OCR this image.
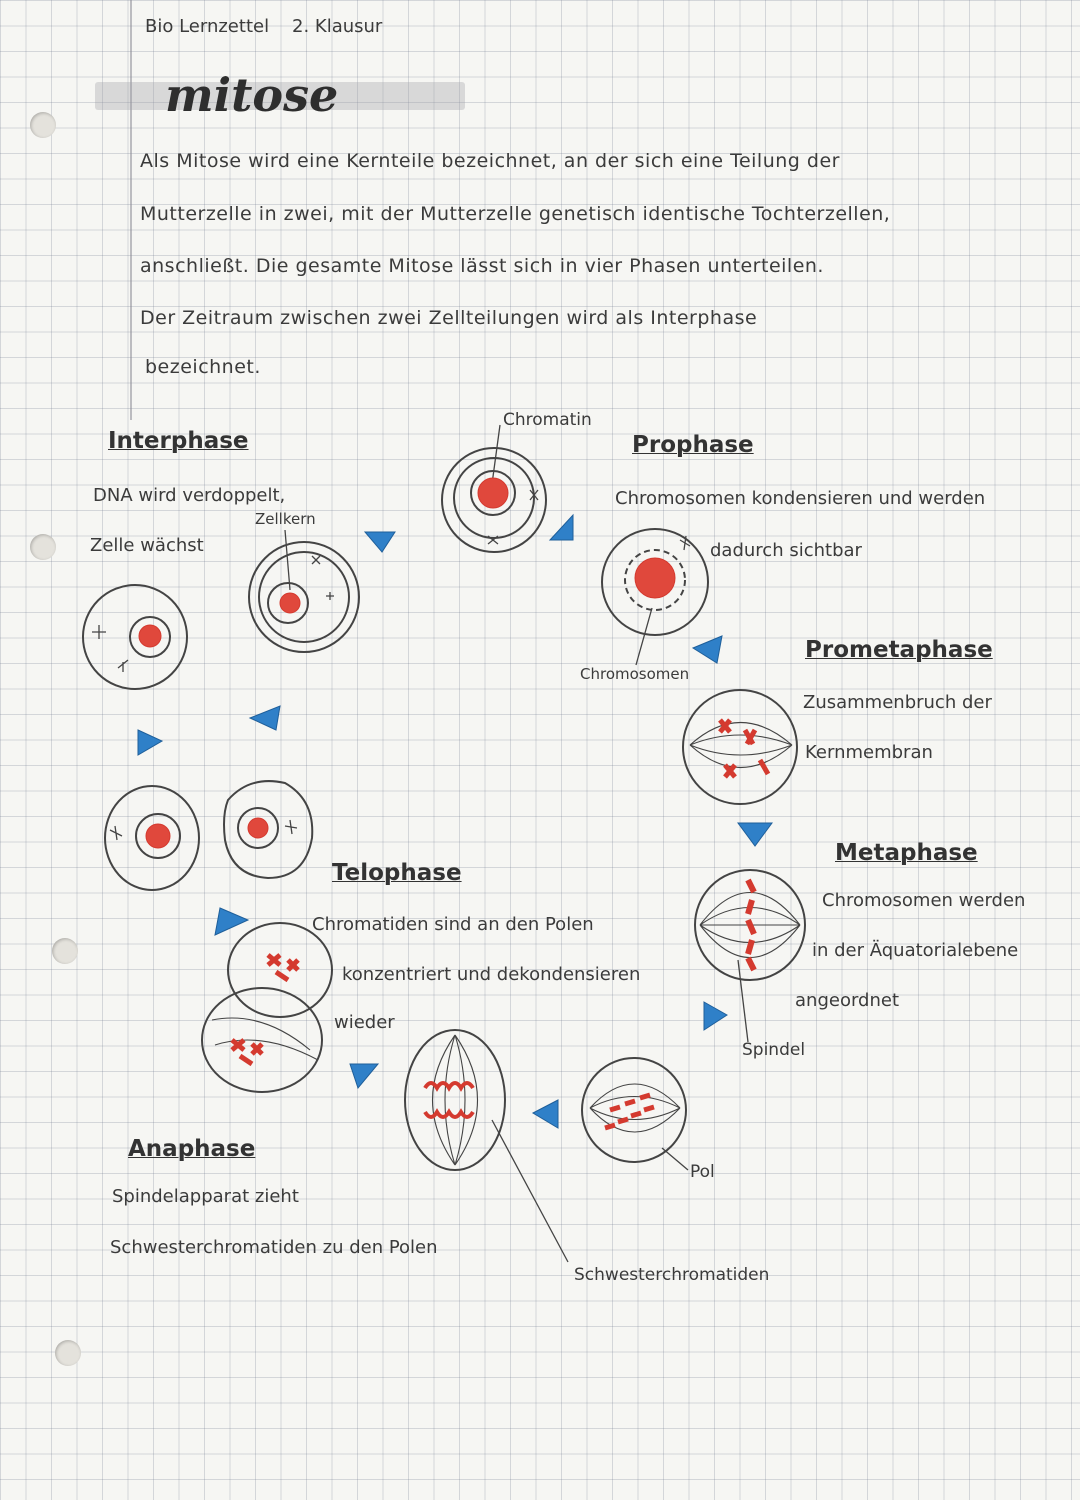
Bio Lernzettel 2. Klausur
mitose
Als Mitose wird eine Kernteile bezeichnet, an der sich eine Teilung der
Mutterzelle in zwei, mit der Mutterzelle genetisch identische Tochterzellen,
anschließt. Die gesamte Mitose lässt sich in vier Phasen unterteilen.
Der Zeitraum zwischen zwei Zellteilungen wird als Interphase
bezeichnet.
Interphase
DNA wird verdoppelt,
Zelle wächst
Zellkern
Chromatin
Prophase
Chromosomen kondensieren und werden
dadurch sichtbar
Chromosomen
Prometaphase
Zusammenbruch der
Kernmembran
Metaphase
Chromosomen werden
in der Äquatorialebene
angeordnet
Spindel
Telophase
Chromatiden sind an den Polen
konzentriert und dekondensieren
wieder
Anaphase
Spindelapparat zieht
Schwesterchromatiden zu den Polen
Pol
Schwesterchromatiden
